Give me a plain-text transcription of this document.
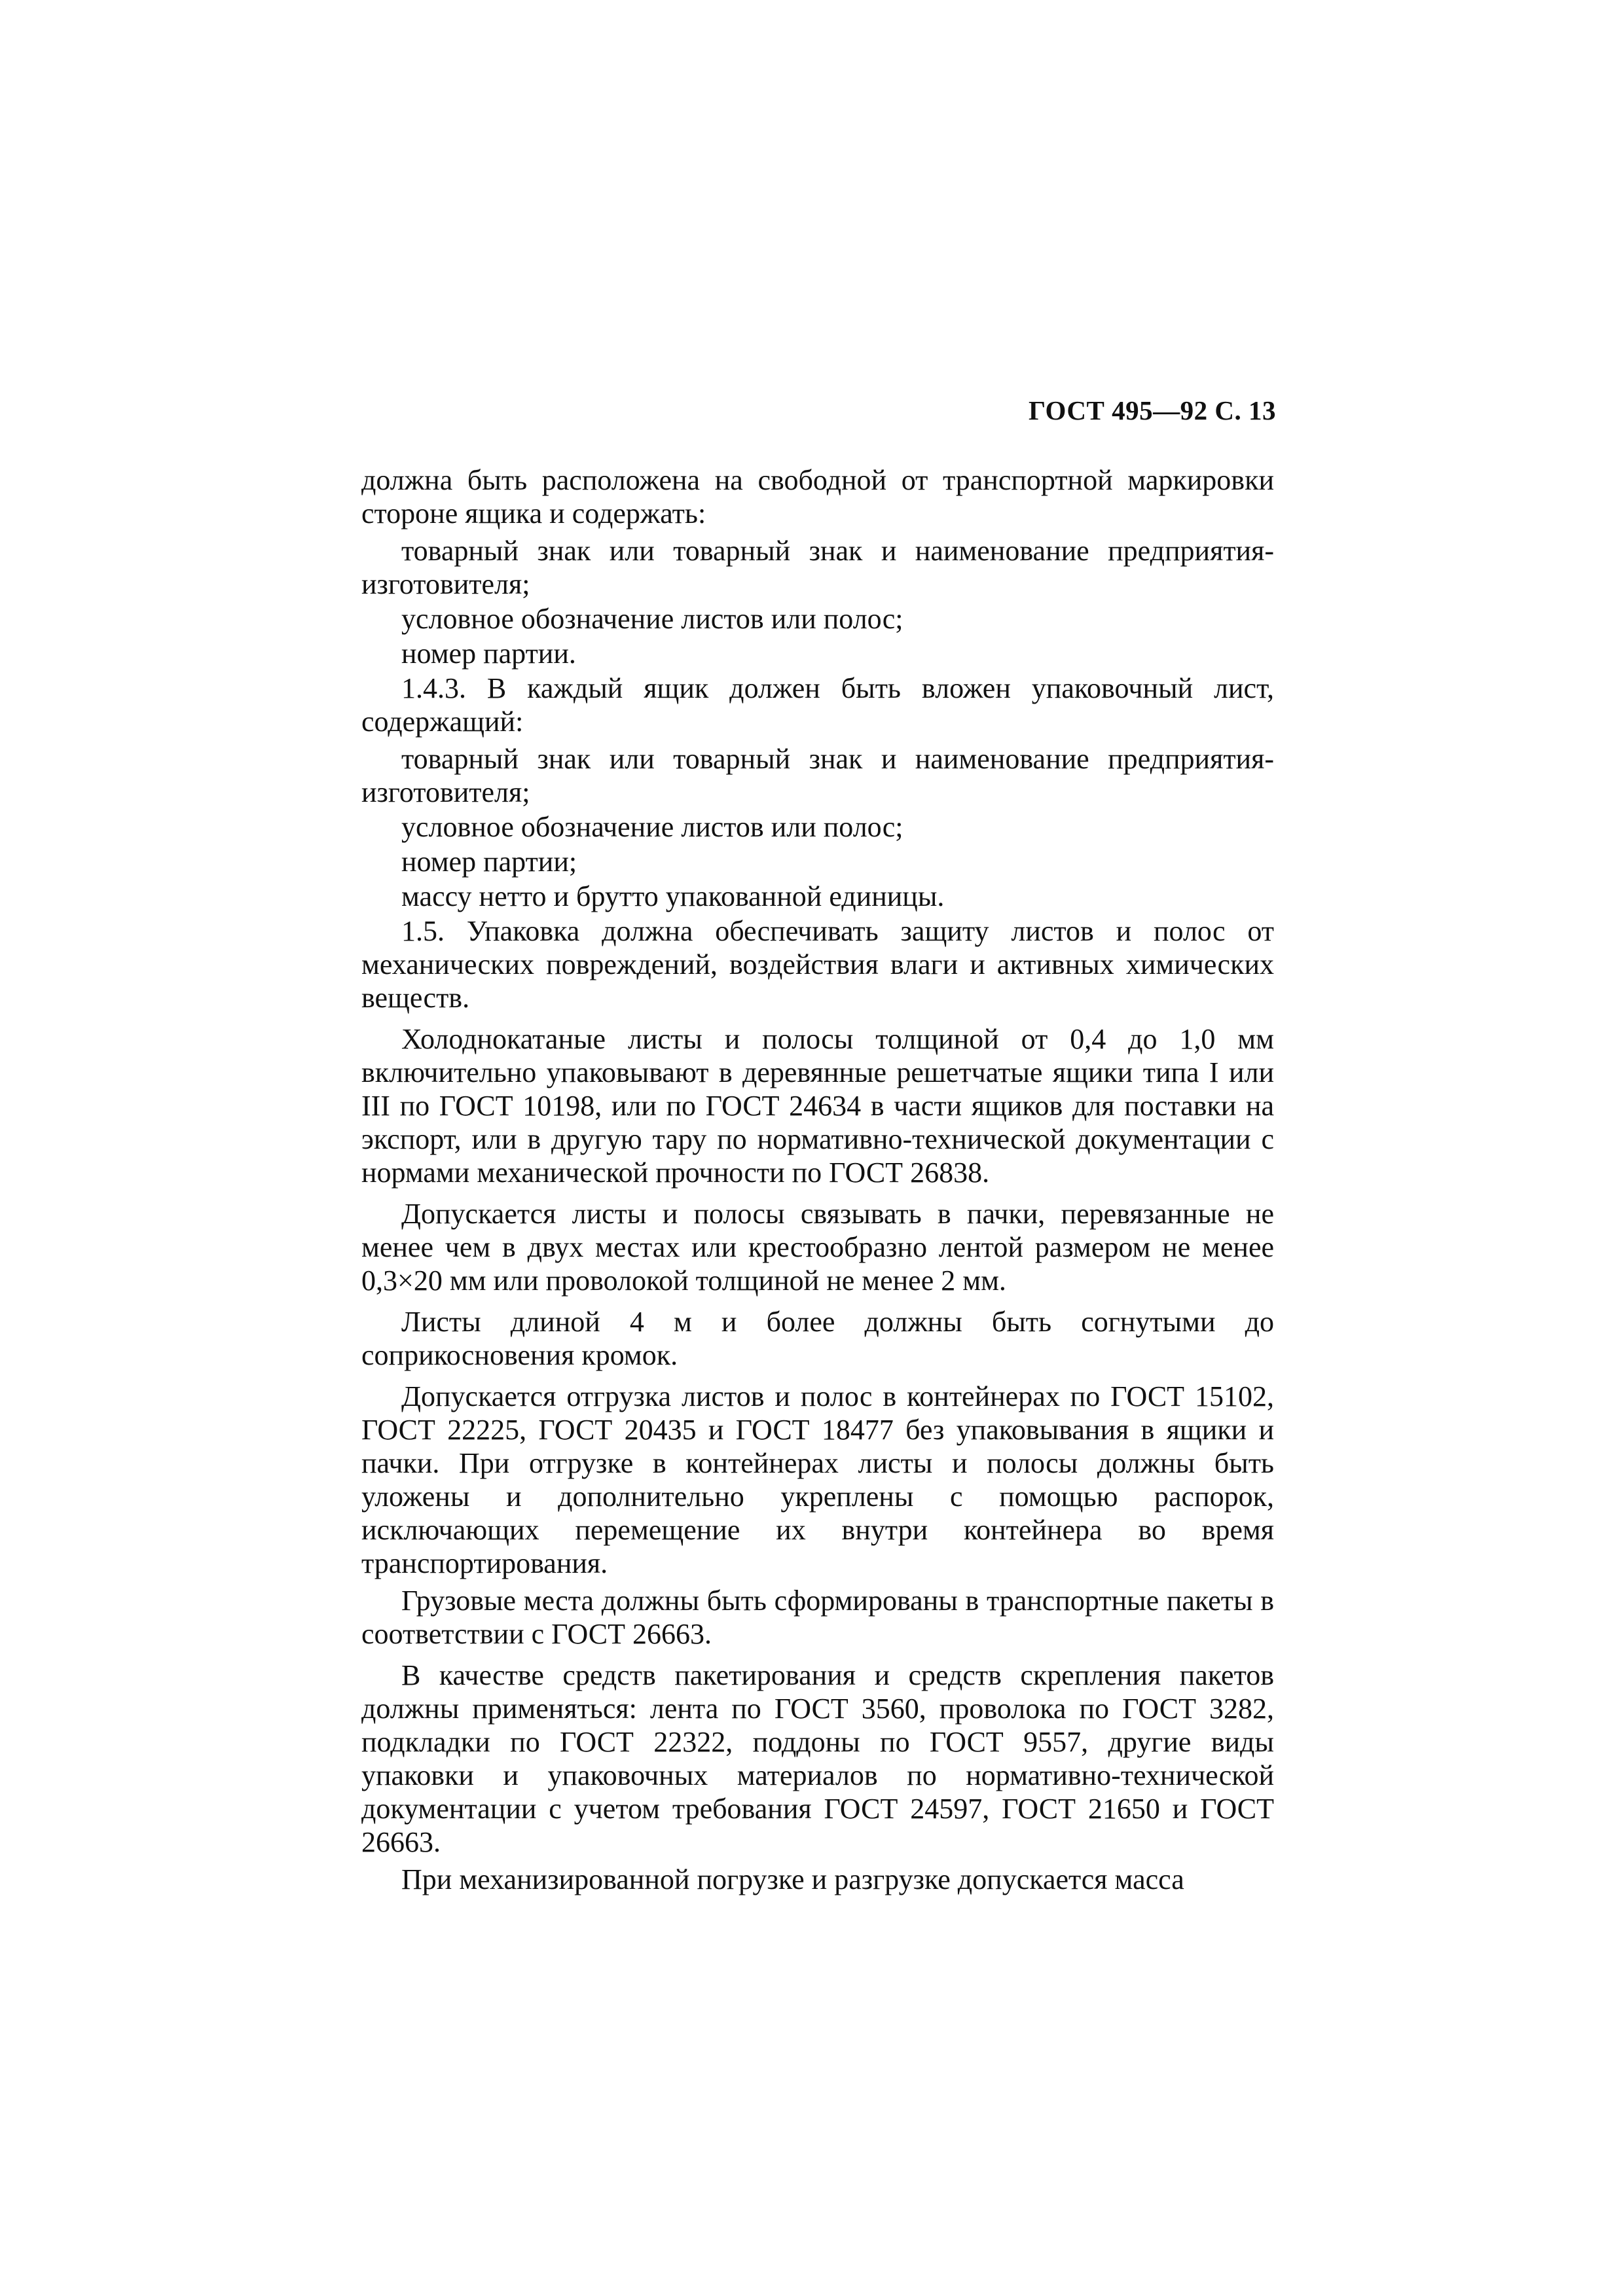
ГОСТ 495—92 С. 13

должна быть расположена на свободной от транспортной маркировки стороне ящика и содержать:

товарный знак или товарный знак и наименование предприятия-изготовителя;

условное обозначение листов или полос;

номер партии.

1.4.3. В каждый ящик должен быть вложен упаковочный лист, содержащий:

товарный знак или товарный знак и наименование предприятия-изготовителя;

условное обозначение листов или полос;

номер партии;

массу нетто и брутто упакованной единицы.

1.5. Упаковка должна обеспечивать защиту листов и полос от механических повреждений, воздействия влаги и активных химических веществ.

Холоднокатаные листы и полосы толщиной от 0,4 до 1,0 мм включительно упаковывают в деревянные решетчатые ящики типа I или III по ГОСТ 10198, или по ГОСТ 24634 в части ящиков для поставки на экспорт, или в другую тару по нормативно-технической документации с нормами механической прочности по ГОСТ 26838.

Допускается листы и полосы связывать в пачки, перевязанные не менее чем в двух местах или крестообразно лентой размером не менее 0,3×20 мм или проволокой толщиной не менее 2 мм.

Листы длиной 4 м и более должны быть согнутыми до соприкосновения кромок.

Допускается отгрузка листов и полос в контейнерах по ГОСТ 15102, ГОСТ 22225, ГОСТ 20435 и ГОСТ 18477 без упаковывания в ящики и пачки. При отгрузке в контейнерах листы и полосы должны быть уложены и дополнительно укреплены с помощью распорок, исключающих перемещение их внутри контейнера во время транспортирования.

Грузовые места должны быть сформированы в транспортные пакеты в соответствии с ГОСТ 26663.

В качестве средств пакетирования и средств скрепления пакетов должны применяться: лента по ГОСТ 3560, проволока по ГОСТ 3282, подкладки по ГОСТ 22322, поддоны по ГОСТ 9557, другие виды упаковки и упаковочных материалов по нормативно-технической документации с учетом требования ГОСТ 24597, ГОСТ 21650 и ГОСТ 26663.

При механизированной погрузке и разгрузке допускается масса
